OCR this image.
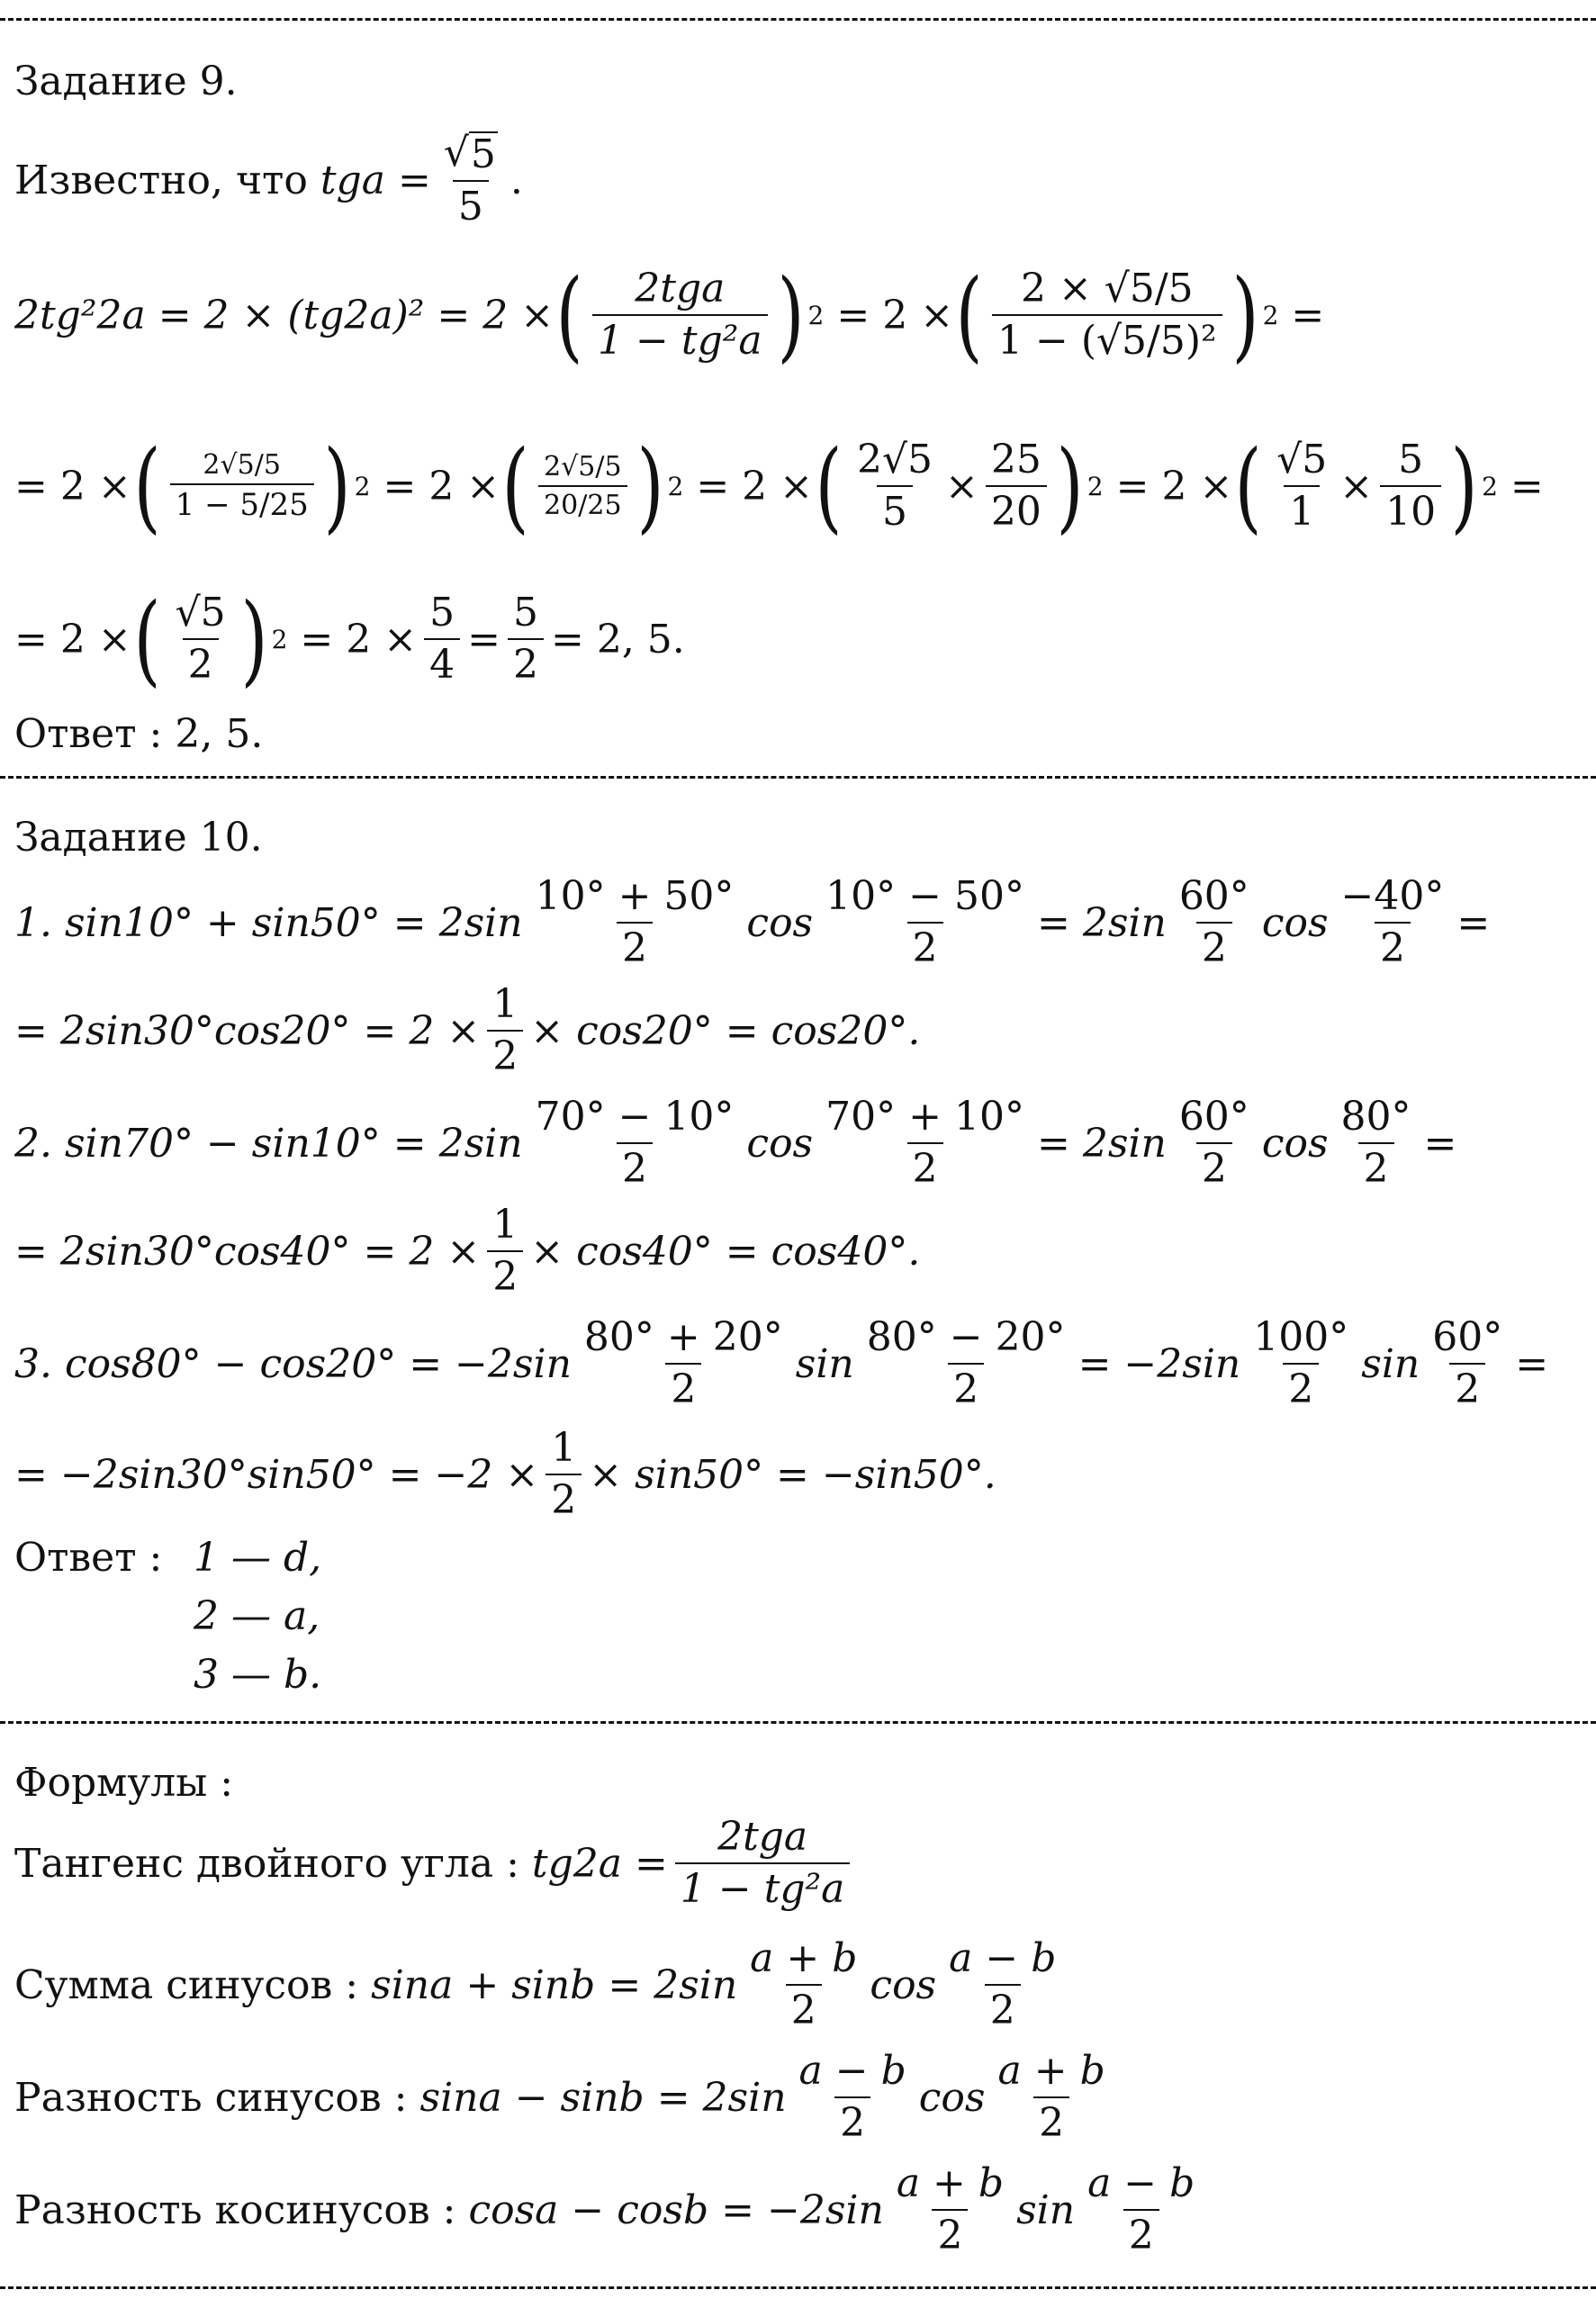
Задание 9.
Известно, что tga = $\frac{√ 5}{5}$ .
2tg²2a = 2 × (tg2a)² = 2 × ( $\frac{\text{2tga}}{\text{1 − tg²a}}$ ) 2 = 2 × ( $\frac{2 \times √5/5}{\text{1 − (√5/5)²}}$ ) 2 =
= 2 × ( $\frac{2√5/5}{1 - 5/25}$ ) 2 = 2 × ( $\frac{2√5/5}{20/25}$ ) 2 = 2 × ( $\frac{2√5}{5} \times \frac{25}{20}$ ) 2 = 2 × ( $\frac{√5}{1} \times \frac{5}{10}$ ) 2 =
= 2 × ( $\frac{√5}{2}$ ) $2 = 2 \times \frac{5}{4} = \frac{5}{2} = 2$, 5.
Ответ : 2, 5.
Задание 10.
1. $\sin 10^\circ + \sin 50^\circ = 2\sin \frac{10^\circ + 50^\circ}{2}$ $\cos \frac{10^\circ - 50^\circ}{2} = 2\sin \frac{60^\circ}{2}$ $\cos \frac{-40^\circ}{2}$ =
= $2\sin 30^\circ\cos 20^\circ = 2 \times \frac{1}{2} \times \cos 20^\circ = \cos 20^\circ$.
2. $\sin 70^\circ - \sin 10^\circ = 2\sin \frac{70^\circ - 10^\circ}{2}$ $\cos \frac{70^\circ + 10^\circ}{2} = 2\sin \frac{60^\circ}{2}$ $\cos \frac{80^\circ}{2}$ =
= $2\sin 30^\circ\cos 40^\circ = 2 \times \frac{1}{2} \times \cos 40^\circ = \cos 40^\circ$.
3. $\cos 80^\circ - \cos 20^\circ = -2\sin \frac{80^\circ + 20^\circ}{2}$ $\sin \frac{80^\circ - 20^\circ}{2} = -2\sin \frac{100^\circ}{2}$ $\sin \frac{60^\circ}{2}$ =
= $-2\sin 30^\circ\sin 50^\circ = -2 \times \frac{1}{2} \times \sin 50^\circ = -\sin 50^\circ$.
Ответ : 1 — d,
2 — a,
3 — b.
Формулы :
Тангенс двойного угла : $tg2a = \frac{\text{2tga}}{\text{1 − tg²a}}$
Сумма синусов : $\sin a + \sin b = 2\sin \frac{a + b}{2}$ $\cos \frac{a - b}{2}$
Разность синусов : $\sin a - \sin b = 2\sin \frac{a - b}{2}$ $\cos \frac{a + b}{2}$
Разность косинусов : $\cos a - \cos b = -2\sin \frac{a + b}{2}$ $\sin \frac{a - b}{2}$
